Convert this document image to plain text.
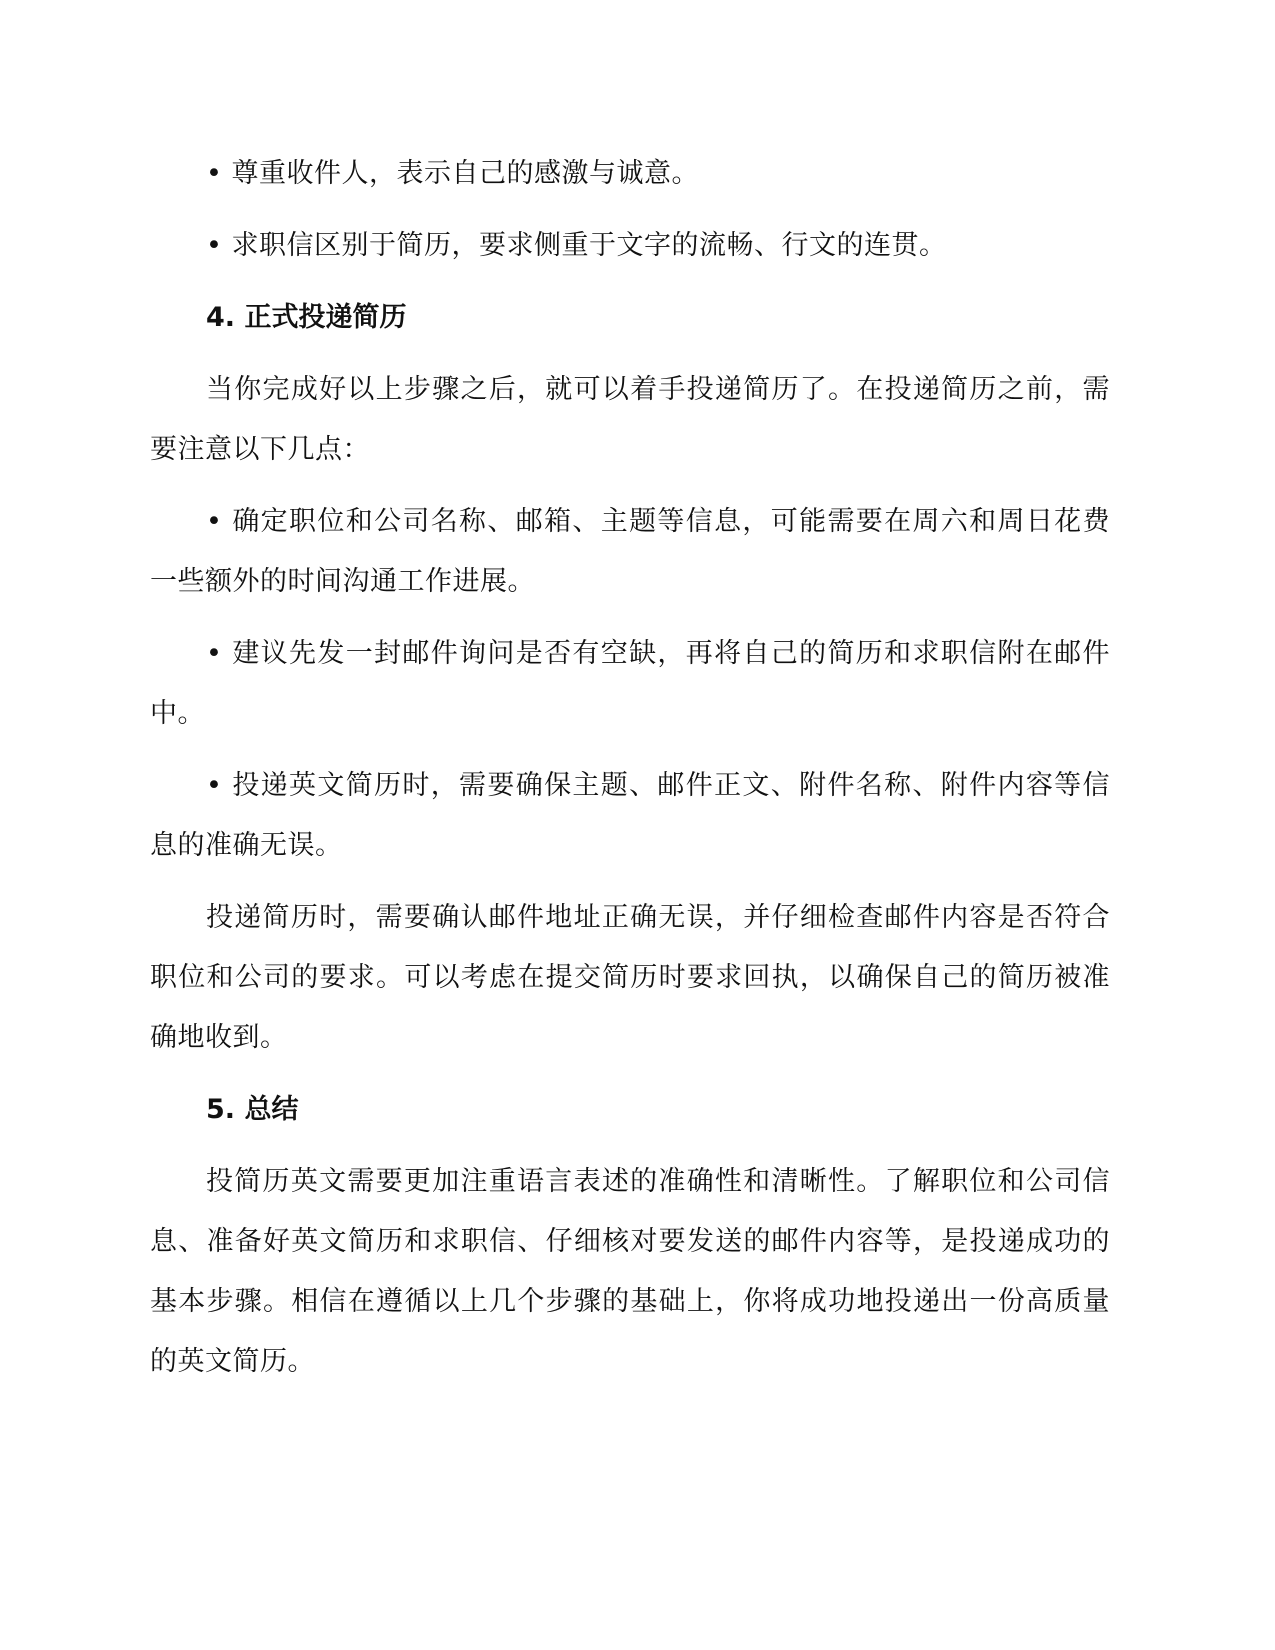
• 尊重收件人，表示自己的感激与诚意。

• 求职信区别于简历，要求侧重于文字的流畅、行文的连贯。

4. 正式投递简历

当你完成好以上步骤之后，就可以着手投递简历了。在投递简历之前，需要注意以下几点：

• 确定职位和公司名称、邮箱、主题等信息，可能需要在周六和周日花费一些额外的时间沟通工作进展。

• 建议先发一封邮件询问是否有空缺，再将自己的简历和求职信附在邮件中。

• 投递英文简历时，需要确保主题、邮件正文、附件名称、附件内容等信息的准确无误。

投递简历时，需要确认邮件地址正确无误，并仔细检查邮件内容是否符合职位和公司的要求。可以考虑在提交简历时要求回执，以确保自己的简历被准确地收到。

5. 总结

投简历英文需要更加注重语言表述的准确性和清晰性。了解职位和公司信息、准备好英文简历和求职信、仔细核对要发送的邮件内容等，是投递成功的基本步骤。相信在遵循以上几个步骤的基础上，你将成功地投递出一份高质量的英文简历。
